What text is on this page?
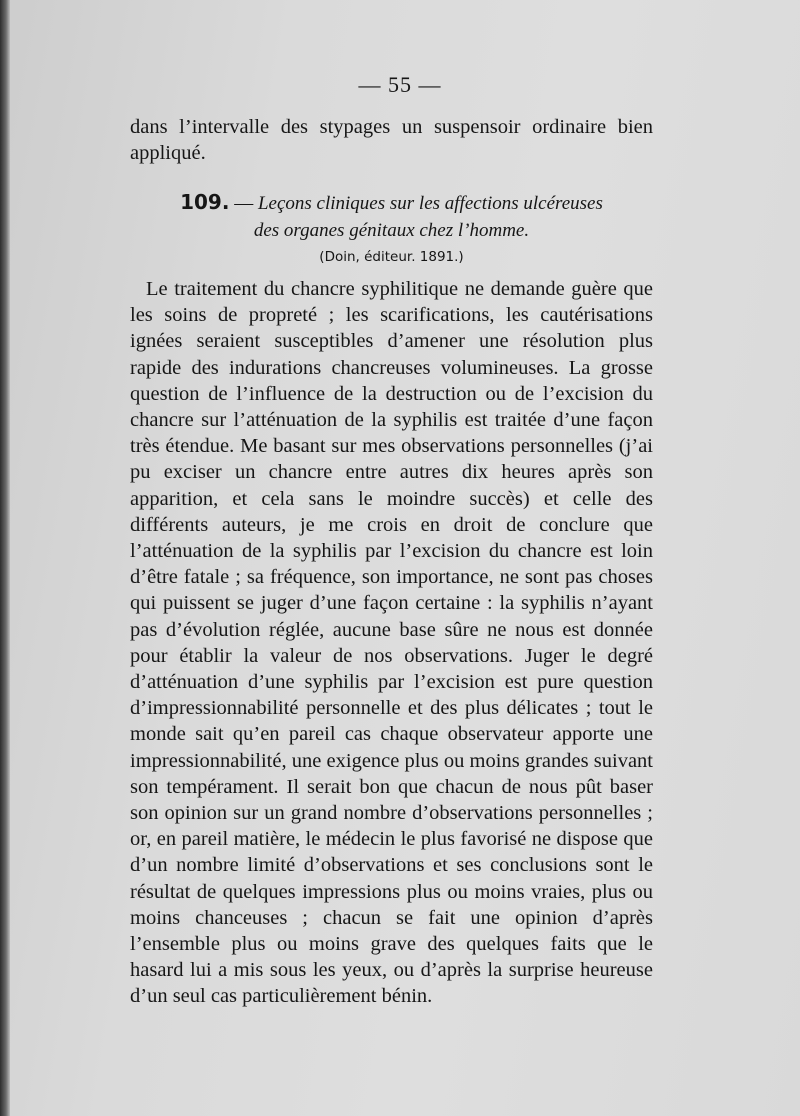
— 55 —

dans l’intervalle des stypages un suspensoir ordinaire bien appliqué.

109. — Leçons cliniques sur les affections ulcéreuses
des organes génitaux chez l’homme.
(Doin, éditeur. 1891.)

Le traitement du chancre syphilitique ne demande guère que les soins de propreté ; les scarifications, les cautérisations ignées seraient susceptibles d’amener une résolution plus rapide des indurations chancreuses volumineuses. La grosse question de l’influence de la destruction ou de l’excision du chancre sur l’atténuation de la syphilis est traitée d’une façon très étendue. Me basant sur mes observations personnelles (j’ai pu exciser un chancre entre autres dix heures après son apparition, et cela sans le moindre succès) et celle des différents auteurs, je me crois en droit de conclure que l’atténuation de la syphilis par l’excision du chancre est loin d’être fatale ; sa fréquence, son importance, ne sont pas choses qui puissent se juger d’une façon certaine : la syphilis n’ayant pas d’évolution réglée, aucune base sûre ne nous est donnée pour établir la valeur de nos observations. Juger le degré d’atténuation d’une syphilis par l’excision est pure question d’impressionnabilité personnelle et des plus délicates ; tout le monde sait qu’en pareil cas chaque observateur apporte une impressionnabilité, une exigence plus ou moins grandes suivant son tempérament. Il serait bon que chacun de nous pût baser son opinion sur un grand nombre d’observations personnelles ; or, en pareil matière, le médecin le plus favorisé ne dispose que d’un nombre limité d’observations et ses conclusions sont le résultat de quelques impressions plus ou moins vraies, plus ou moins chanceuses ; chacun se fait une opinion d’après l’ensemble plus ou moins grave des quelques faits que le hasard lui a mis sous les yeux, ou d’après la surprise heureuse d’un seul cas particulièrement bénin.
